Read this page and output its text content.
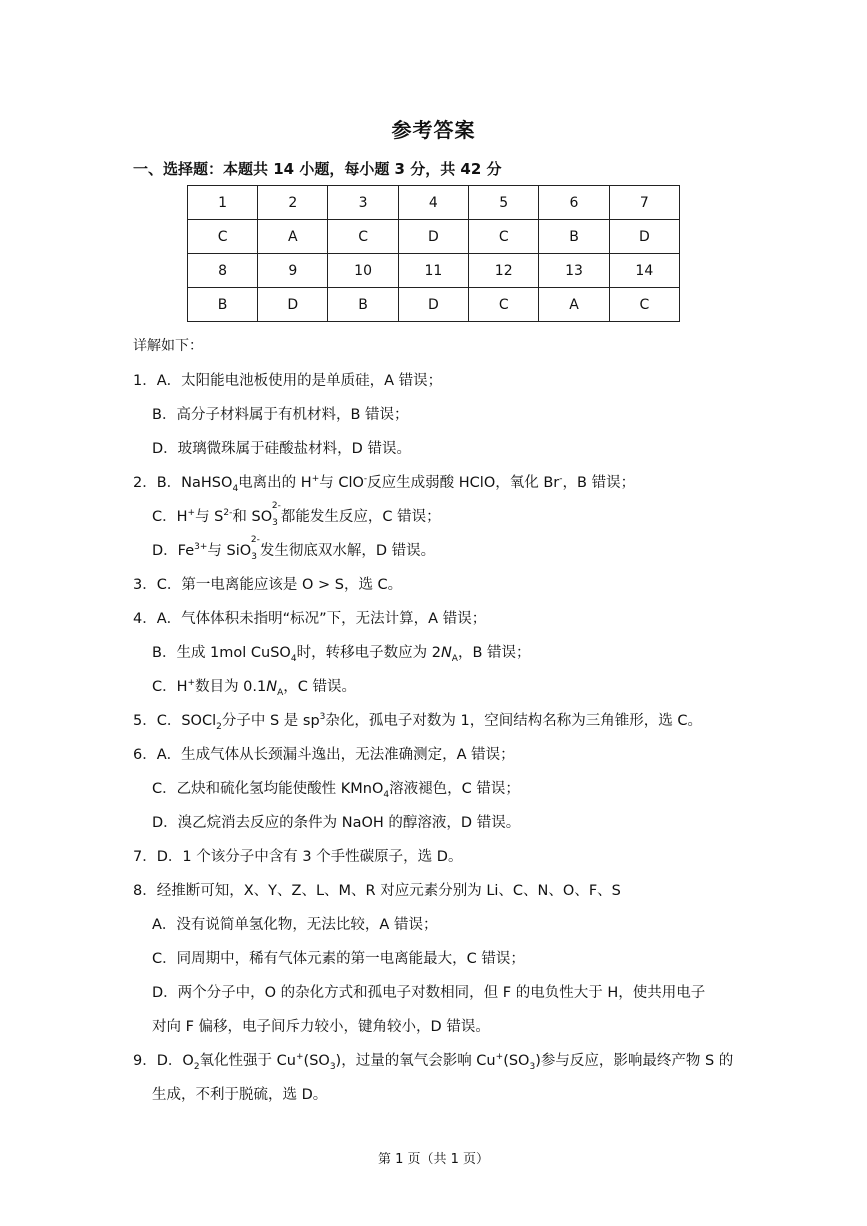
参考答案
一、选择题：本题共 14 小题，每小题 3 分，共 42 分
1	2	3	4	5	6	7
C	A	C	D	C	B	D
8	9	10	11	12	13	14
B	D	B	D	C	A	C
详解如下：
1．A．太阳能电池板使用的是单质硅，A 错误；
B．高分子材料属于有机材料，B 错误；
D．玻璃微珠属于硅酸盐材料，D 错误。
2．B．NaHSO$_4$电离出的 H+与 ClO-反应生成弱酸 HClO，氧化 Br-，B 错误；
C．H+与 $S^{2-}$和 $SO_3^{2-}$都能发生反应，C 错误；
D．$Fe^{3+}$与 SiO$_3^{2-}$发生彻底双水解，D 错误。
3．C．第一电离能应该是 O > S，选 C。
4．A．气体体积未指明“标况”下，无法计算，A 错误；
B．生成 1mol CuSO$_4$时，转移电子数应为 $2N_A$，B 错误；
C．H+数目为 $0.1N_A$，C 错误。
5．C．SOCl$_2$分子中 S 是 $sp^3$杂化，孤电子对数为 1，空间结构名称为三角锥形，选 C。
6．A．生成气体从长颈漏斗逸出，无法准确测定，A 错误；
C．乙炔和硫化氢均能使酸性 KMnO$_4$溶液褪色，C 错误；
D．溴乙烷消去反应的条件为 NaOH 的醇溶液，D 错误。
7．D．1 个该分子中含有 3 个手性碳原子，选 D。
8．经推断可知，X、Y、Z、L、M、R 对应元素分别为 Li、C、N、O、F、S
A．没有说简单氢化物，无法比较，A 错误；
C．同周期中，稀有气体元素的第一电离能最大，C 错误；
D．两个分子中，O 的杂化方式和孤电子对数相同，但 F 的电负性大于 H，使共用电子
对向 F 偏移，电子间斥力较小，键角较小，D 错误。
9．D．$O_2$氧化性强于 $Cu^+(SO_3)$，过量的氧气会影响 $Cu^+(SO_3)$参与反应，影响最终产物 S 的
生成，不利于脱硫，选 D。
第 1 页（共 1 页）
